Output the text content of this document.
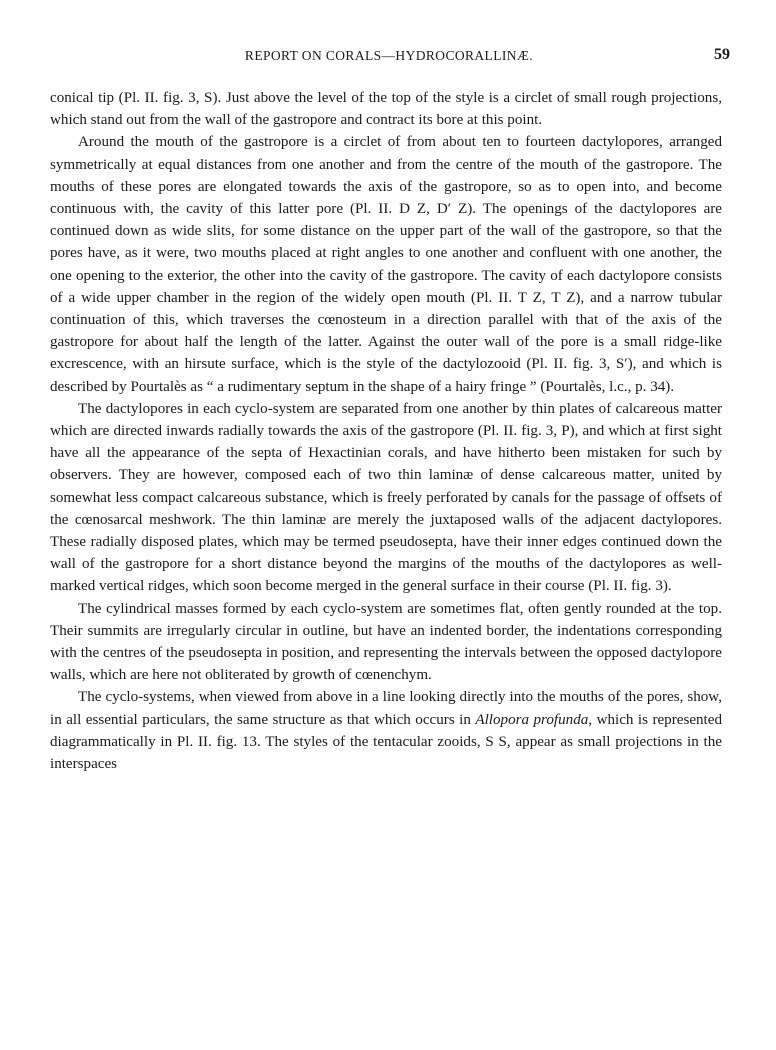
REPORT ON CORALS—HYDROCORALLINÆ.	59

conical tip (Pl. II. fig. 3, S). Just above the level of the top of the style is a circlet of small rough projections, which stand out from the wall of the gastropore and contract its bore at this point.

Around the mouth of the gastropore is a circlet of from about ten to fourteen dactylopores, arranged symmetrically at equal distances from one another and from the centre of the mouth of the gastropore. The mouths of these pores are elongated towards the axis of the gastropore, so as to open into, and become continuous with, the cavity of this latter pore (Pl. II. D Z, D′ Z). The openings of the dactylopores are continued down as wide slits, for some distance on the upper part of the wall of the gastropore, so that the pores have, as it were, two mouths placed at right angles to one another and confluent with one another, the one opening to the exterior, the other into the cavity of the gastropore. The cavity of each dactylopore consists of a wide upper chamber in the region of the widely open mouth (Pl. II. T Z, T Z), and a narrow tubular continuation of this, which traverses the cœnosteum in a direction parallel with that of the axis of the gastropore for about half the length of the latter. Against the outer wall of the pore is a small ridge-like excrescence, with an hirsute surface, which is the style of the dactylozooid (Pl. II. fig. 3, S′), and which is described by Pourtalès as “ a rudimentary septum in the shape of a hairy fringe ” (Pourtalès, l.c., p. 34).

The dactylopores in each cyclo-system are separated from one another by thin plates of calcareous matter which are directed inwards radially towards the axis of the gastropore (Pl. II. fig. 3, P), and which at first sight have all the appearance of the septa of Hexactinian corals, and have hitherto been mistaken for such by observers. They are however, composed each of two thin laminæ of dense calcareous matter, united by somewhat less compact calcareous substance, which is freely perforated by canals for the passage of offsets of the cœnosarcal meshwork. The thin laminæ are merely the juxtaposed walls of the adjacent dactylopores. These radially disposed plates, which may be termed pseudosepta, have their inner edges continued down the wall of the gastropore for a short distance beyond the margins of the mouths of the dactylopores as well-marked vertical ridges, which soon become merged in the general surface in their course (Pl. II. fig. 3).

The cylindrical masses formed by each cyclo-system are sometimes flat, often gently rounded at the top. Their summits are irregularly circular in outline, but have an indented border, the indentations corresponding with the centres of the pseudosepta in position, and representing the intervals between the opposed dactylopore walls, which are here not obliterated by growth of cœnenchym.

The cyclo-systems, when viewed from above in a line looking directly into the mouths of the pores, show, in all essential particulars, the same structure as that which occurs in Allopora profunda, which is represented diagrammatically in Pl. II. fig. 13. The styles of the tentacular zooids, S S, appear as small projections in the interspaces
